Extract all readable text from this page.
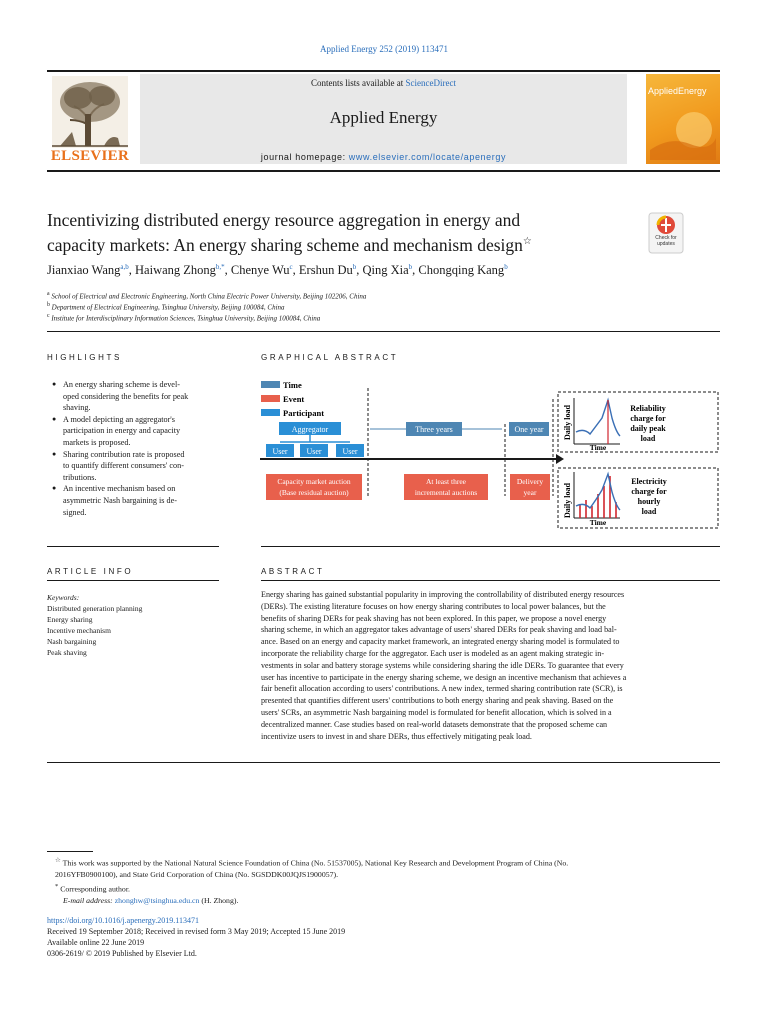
Applied Energy 252 (2019) 113471
ELSEVIER
Contents lists available at ScienceDirect
Applied Energy
journal homepage: www.elsevier.com/locate/apenergy
AppliedEnergy
Incentivizing distributed energy resource aggregation in energy and
capacity markets: An energy sharing scheme and mechanism design☆	Check for updates
Jianxiao Wang$^{a,b}$, Haiwang Zhong$^{b,*}$, Chenye Wu$^c$, Ershun Du$^b$, Qing Xia$^b$, Chongqing Kang$^b$
$^a$ School of Electrical and Electronic Engineering, North China Electric Power University, Beijing 102206, China
$^b$ Department of Electrical Engineering, Tsinghua University, Beijing 100084, China
$^c$ Institute for Interdisciplinary Information Sciences, Tsinghua University, Beijing 100084, China
HIGHLIGHTS
● An energy sharing scheme is devel-
oped considering the benefits for peak
shaving.
● A model depicting an aggregator's
participation in energy and capacity
markets is proposed.
● Sharing contribution rate is proposed
to quantify different consumers' con-
tributions.
● An incentive mechanism based on
asymmetric Nash bargaining is de-
signed.
GRAPHICAL ABSTRACT
Time
Event
Participant
Aggregator
User User	User
Three years	One year
Capacity market auction
(Base residual auction)
At least three
incremental auctions
Delivery
year
Daily load
Time
Reliability
charge for
daily peak
load
Daily load
Time
Electricity
charge for
hourly
load
ARTICLE INFO
Keywords:
Distributed generation planning
Energy sharing
Incentive mechanism
Nash bargaining
Peak shaving
ABSTRACT
Energy sharing has gained substantial popularity in improving the controllability of distributed energy resources
(DERs). The existing literature focuses on how energy sharing contributes to local power balances, but the
benefits of sharing DERs for peak shaving has not been explored. In this paper, we propose a novel energy
sharing scheme, in which an aggregator takes advantage of users' shared DERs for peak shaving and load bal-
ance. Based on an energy and capacity market framework, an integrated energy sharing model is formulated to
incorporate the reliability charge for the aggregator. Each user is modeled as an agent making strategic in-
vestments in solar and battery storage systems while considering sharing the idle DERs. To guarantee that every
user has incentive to participate in the energy sharing scheme, we design an incentive mechanism that achieves a
fair benefit allocation according to users' contributions. A new index, termed sharing contribution rate (SCR), is
presented that quantifies different users' contributions to both energy sharing and peak shaving. Based on the
users' SCRs, an asymmetric Nash bargaining model is formulated for benefit allocation, which is solved in a
decentralized manner. Case studies based on real-world datasets demonstrate that the proposed scheme can
incentivize users to invest in and share DERs, thus effectively mitigating peak load.
☆ This work was supported by the National Natural Science Foundation of China (No. 51537005), National Key Research and Development Program of China (No.
2016YFB0900100), and State Grid Corporation of China (No. SGSDDK00JQJS1900057).
* Corresponding author.
E-mail address: zhonghw@tsinghua.edu.cn (H. Zhong).
https://doi.org/10.1016/j.apenergy.2019.113471
Received 19 September 2018; Received in revised form 3 May 2019; Accepted 15 June 2019
Available online 22 June 2019
0306-2619/ © 2019 Published by Elsevier Ltd.
